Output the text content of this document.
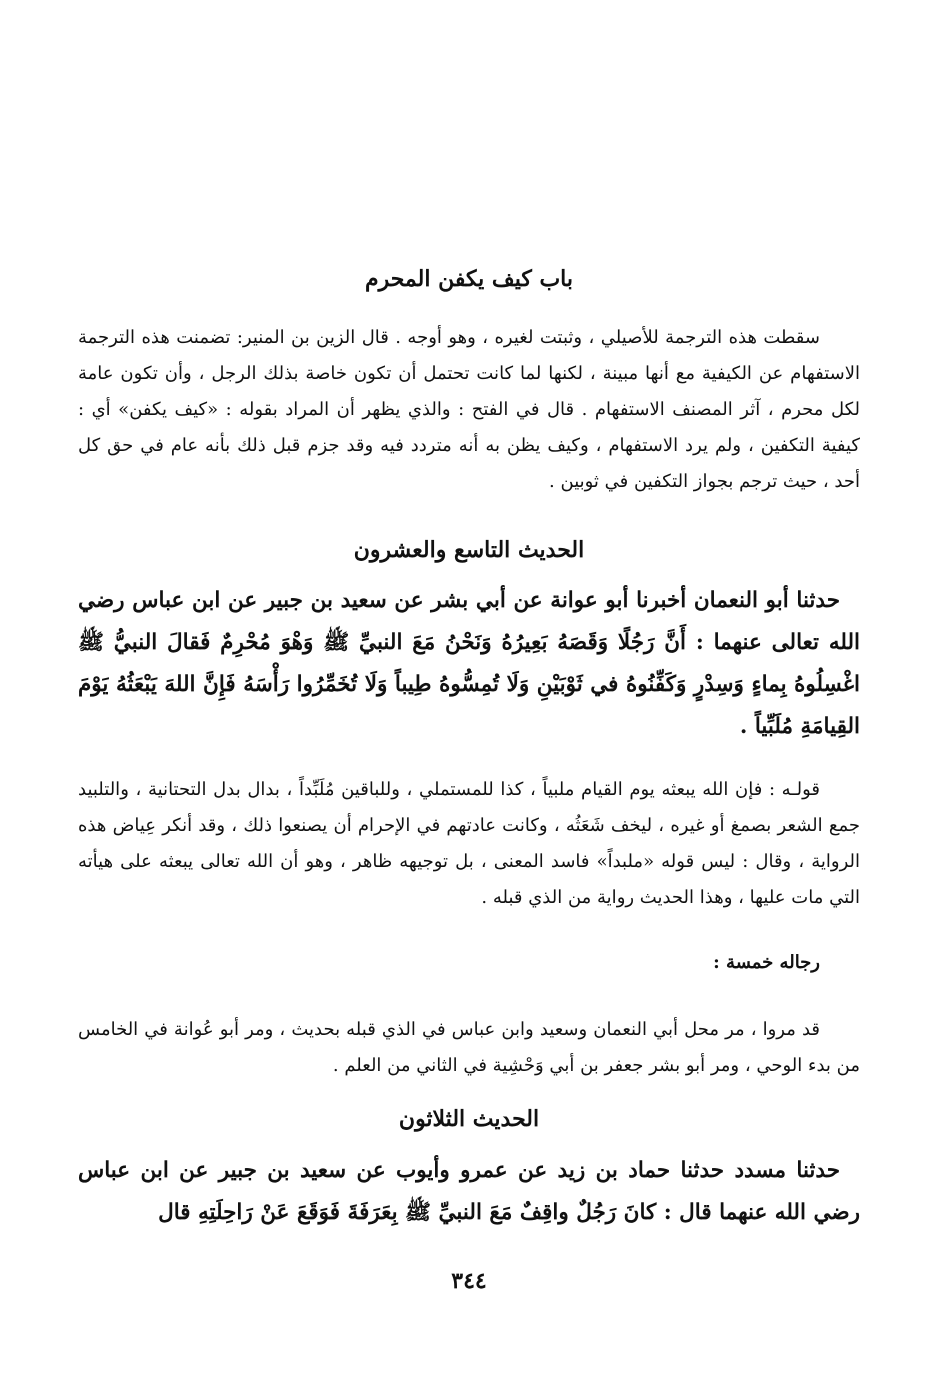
باب كيف يكفن المحرم

سقطت هذه الترجمة للأصيلي ، وثبتت لغيره ، وهو أوجه . قال الزين بن المنير: تضمنت هذه الترجمة الاستفهام عن الكيفية مع أنها مبينة ، لكنها لما كانت تحتمل أن تكون خاصة بذلك الرجل ، وأن تكون عامة لكل محرم ، آثر المصنف الاستفهام . قال في الفتح : والذي يظهر أن المراد بقوله : «كيف يكفن» أي : كيفية التكفين ، ولم يرد الاستفهام ، وكيف يظن به أنه متردد فيه وقد جزم قبل ذلك بأنه عام في حق كل أحد ، حيث ترجم بجواز التكفين في ثوبين .

الحديث التاسع والعشرون

حدثنا أبو النعمان أخبرنا أبو عوانة عن أبي بشر عن سعيد بن جبير عن ابن عباس رضي الله تعالى عنهما : أَنَّ رَجُلًا وَقَصَهُ بَعِيرُهُ وَنَحْنُ مَعَ النبيِّ ﷺ وَهْوَ مُحْرِمٌ فَقالَ النبيُّ ﷺ اغْسِلُوهُ بِماءٍ وَسِدْرٍ وَكَفِّنُوهُ في ثَوْبَيْنِ وَلَا تُمِسُّوهُ طِيباً وَلَا تُخَمِّرُوا رَأْسَهُ فَإِنَّ اللهَ يَبْعَثُهُ يَوْمَ القِيامَةِ مُلَبِّياً .

قولـه : فإن الله يبعثه يوم القيام ملبياً ، كذا للمستملي ، وللباقين مُلَبِّداً ، بدال بدل التحتانية ، والتلبيد جمع الشعر بصمغ أو غيره ، ليخف شَعَثُه ، وكانت عادتهم في الإحرام أن يصنعوا ذلك ، وقد أنكر عِياض هذه الرواية ، وقال : ليس قوله «ملبداً» فاسد المعنى ، بل توجيهه ظاهر ، وهو أن الله تعالى يبعثه على هيأته التي مات عليها ، وهذا الحديث رواية من الذي قبله .

رجاله خمسة :

قد مروا ، مر محل أبي النعمان وسعيد وابن عباس في الذي قبله بحديث ، ومر أبو عُوانة في الخامس من بدء الوحي ، ومر أبو بشر جعفر بن أبي وَحْشِية في الثاني من العلم .

الحديث الثلاثون

حدثنا مسدد حدثنا حماد بن زيد عن عمرو وأيوب عن سعيد بن جبير عن ابن عباس رضي الله عنهما قال : كانَ رَجُلٌ واقِفٌ مَعَ النبيِّ ﷺ بِعَرَفَةَ فَوَقَعَ عَنْ رَاحِلَتِهِ قال

٣٤٤
